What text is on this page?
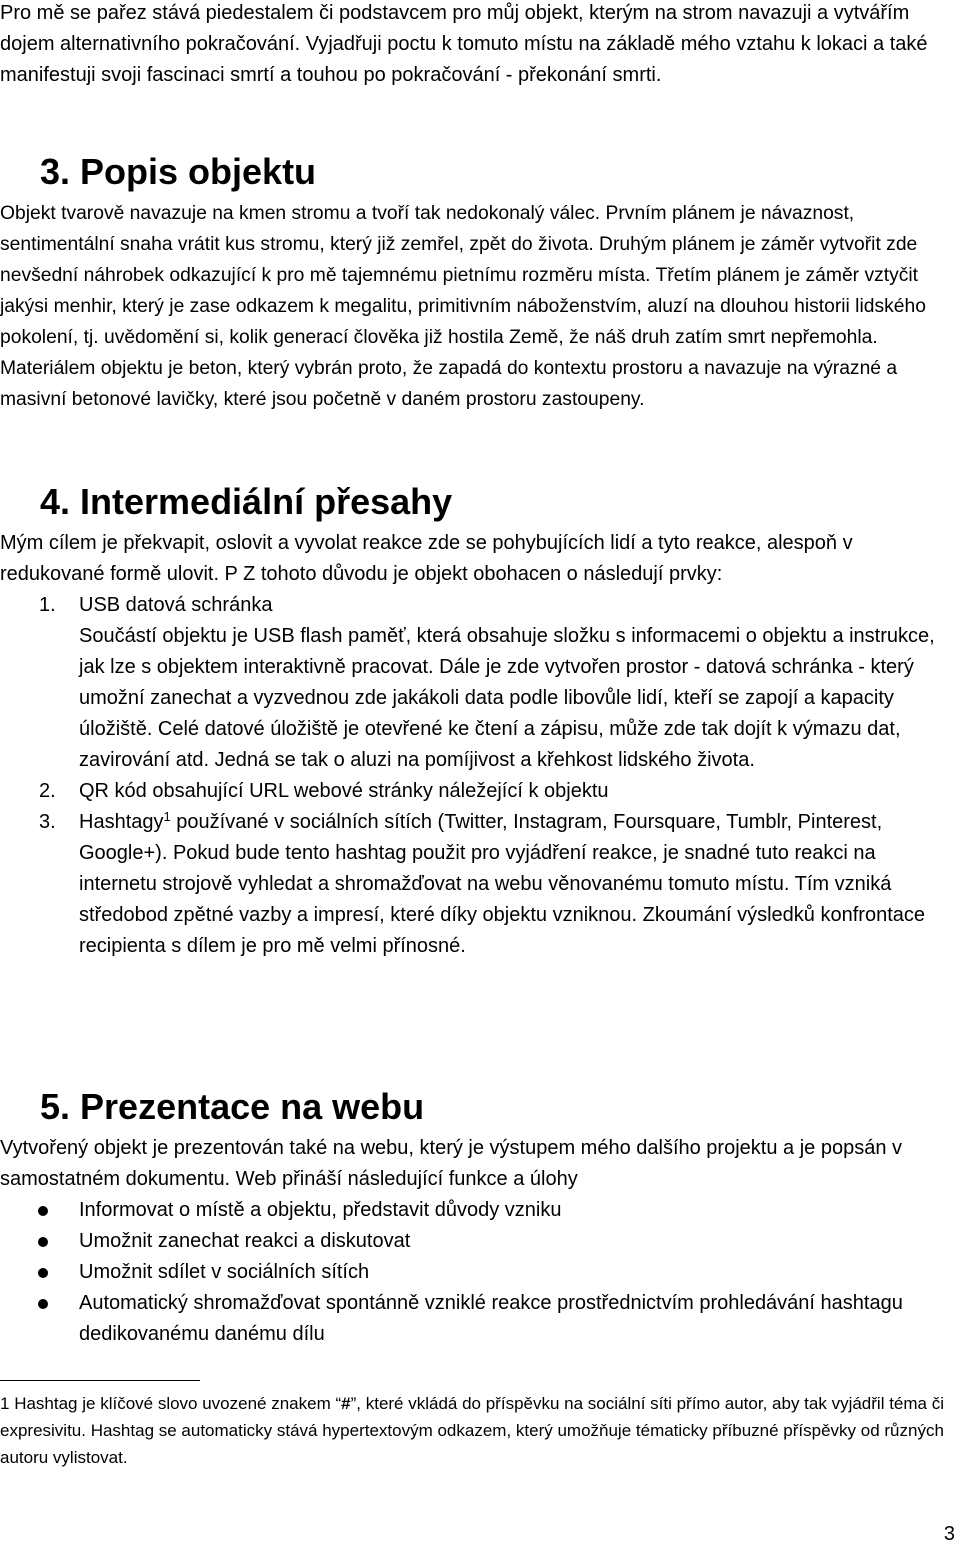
Pro mě se pařez stává piedestalem či podstavcem pro můj objekt, kterým na strom navazuji a vytvářím dojem alternativního pokračování. Vyjadřuji poctu k tomuto místu na základě mého vztahu k lokaci a také manifestuji svoji fascinaci smrtí a touhou po pokračování - překonání smrti.

3. Popis objektu

Objekt tvarově navazuje na kmen stromu a tvoří tak nedokonalý válec. Prvním plánem je návaznost, sentimentální snaha vrátit kus stromu, který již zemřel, zpět do života. Druhým plánem je záměr vytvořit zde nevšední náhrobek odkazující k pro mě tajemnému pietnímu rozměru místa. Třetím plánem je záměr vztyčit jakýsi menhir, který je zase odkazem k megalitu, primitivním náboženstvím, aluzí na dlouhou historii lidského pokolení, tj. uvědomění si, kolik generací člověka již hostila Země, že náš druh zatím smrt nepřemohla. Materiálem objektu je beton, který vybrán proto, že zapadá do kontextu prostoru a navazuje na výrazné a masivní betonové lavičky, které jsou početně v daném prostoru zastoupeny.

4. Intermediální přesahy

Mým cílem je překvapit, oslovit a vyvolat reakce zde se pohybujících lidí a tyto reakce, alespoň v redukované formě ulovit. P Z tohoto důvodu je objekt obohacen o následují prvky:

1. USB datová schránka
Součástí objektu je USB flash paměť, která obsahuje složku s informacemi o objektu a instrukce, jak lze s objektem interaktivně pracovat. Dále je zde vytvořen prostor - datová schránka - který umožní zanechat a vyzvednou zde jakákoli data podle libovůle lidí, kteří se zapojí a kapacity úložiště. Celé datové úložiště je otevřené ke čtení a zápisu, může zde tak dojít k výmazu dat, zavirování atd. Jedná se tak o aluzi na pomíjivost a křehkost lidského života.
2. QR kód obsahující URL webové stránky náležející k objektu
3. Hashtagy$^1$ používané v sociálních sítích (Twitter, Instagram, Foursquare, Tumblr, Pinterest, Google+). Pokud bude tento hashtag použit pro vyjádření reakce, je snadné tuto reakci na internetu strojově vyhledat a shromažďovat na webu věnovanému tomuto místu. Tím vzniká středobod zpětné vazby a impresí, které díky objektu vzniknou. Zkoumání výsledků konfrontace recipienta s dílem je pro mě velmi přínosné.
5. Prezentace na webu

Vytvořený objekt je prezentován také na webu, který je výstupem mého dalšího projektu a je popsán v samostatném dokumentu. Web přináší následující funkce a úlohy

Informovat o místě a objektu, představit důvody vzniku
Umožnit zanechat reakci a diskutovat
Umožnit sdílet v sociálních sítích
Automatický shromažďovat spontánně vzniklé reakce prostřednictvím prohledávání hashtagu dedikovanému danému dílu

1 Hashtag je klíčové slovo uvozené znakem “#”, které vkládá do příspěvku na sociální síti přímo autor, aby tak vyjádřil téma či expresivitu. Hashtag se automaticky stává hypertextovým odkazem, který umožňuje tématicky příbuzné příspěvky od různých autoru vylistovat.

3
